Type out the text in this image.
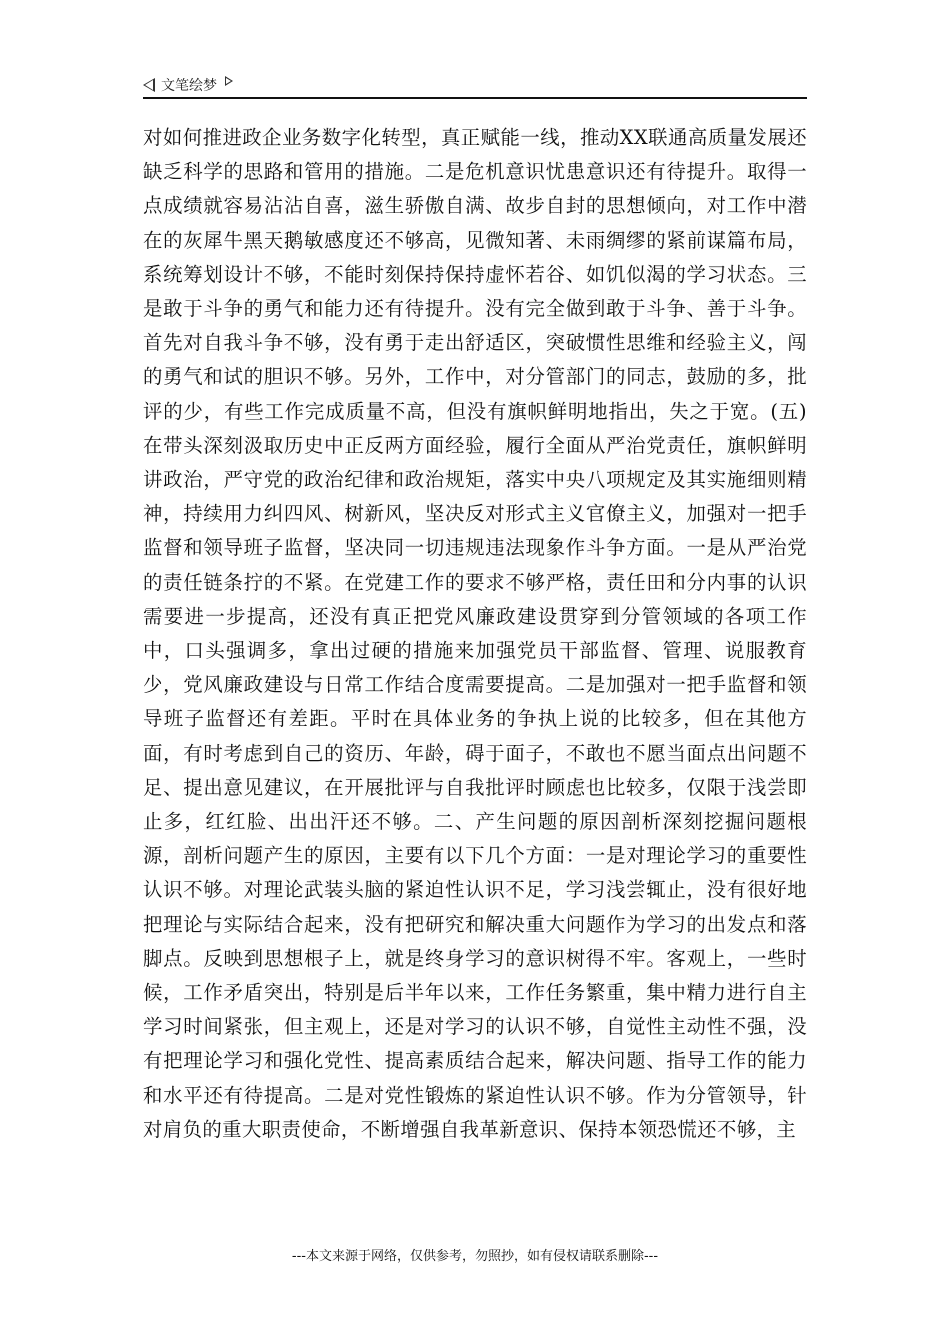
文笔绘梦

对如何推进政企业务数字化转型，真正赋能一线，推动XX联通高质量发展还缺乏科学的思路和管用的措施。二是危机意识忧患意识还有待提升。取得一点成绩就容易沾沾自喜，滋生骄傲自满、故步自封的思想倾向，对工作中潜在的灰犀牛黑天鹅敏感度还不够高，见微知著、未雨绸缪的紧前谋篇布局，系统筹划设计不够，不能时刻保持保持虚怀若谷、如饥似渴的学习状态。三是敢于斗争的勇气和能力还有待提升。没有完全做到敢于斗争、善于斗争。首先对自我斗争不够，没有勇于走出舒适区，突破惯性思维和经验主义，闯的勇气和试的胆识不够。另外，工作中，对分管部门的同志，鼓励的多，批评的少，有些工作完成质量不高，但没有旗帜鲜明地指出，失之于宽。(五)在带头深刻汲取历史中正反两方面经验，履行全面从严治党责任，旗帜鲜明讲政治，严守党的政治纪律和政治规矩，落实中央八项规定及其实施细则精神，持续用力纠四风、树新风，坚决反对形式主义官僚主义，加强对一把手监督和领导班子监督，坚决同一切违规违法现象作斗争方面。一是从严治党的责任链条拧的不紧。在党建工作的要求不够严格，责任田和分内事的认识需要进一步提高，还没有真正把党风廉政建设贯穿到分管领域的各项工作中，口头强调多，拿出过硬的措施来加强党员干部监督、管理、说服教育少，党风廉政建设与日常工作结合度需要提高。二是加强对一把手监督和领导班子监督还有差距。平时在具体业务的争执上说的比较多，但在其他方面，有时考虑到自己的资历、年龄，碍于面子，不敢也不愿当面点出问题不足、提出意见建议，在开展批评与自我批评时顾虑也比较多，仅限于浅尝即止多，红红脸、出出汗还不够。二、产生问题的原因剖析深刻挖掘问题根源，剖析问题产生的原因，主要有以下几个方面：一是对理论学习的重要性认识不够。对理论武装头脑的紧迫性认识不足，学习浅尝辄止，没有很好地把理论与实际结合起来，没有把研究和解决重大问题作为学习的出发点和落脚点。反映到思想根子上，就是终身学习的意识树得不牢。客观上，一些时候，工作矛盾突出，特别是后半年以来，工作任务繁重，集中精力进行自主学习时间紧张，但主观上，还是对学习的认识不够，自觉性主动性不强，没有把理论学习和强化党性、提高素质结合起来，解决问题、指导工作的能力和水平还有待提高。二是对党性锻炼的紧迫性认识不够。作为分管领导，针对肩负的重大职责使命，不断增强自我革新意识、保持本领恐慌还不够，主

---本文来源于网络，仅供参考，勿照抄，如有侵权请联系删除---
